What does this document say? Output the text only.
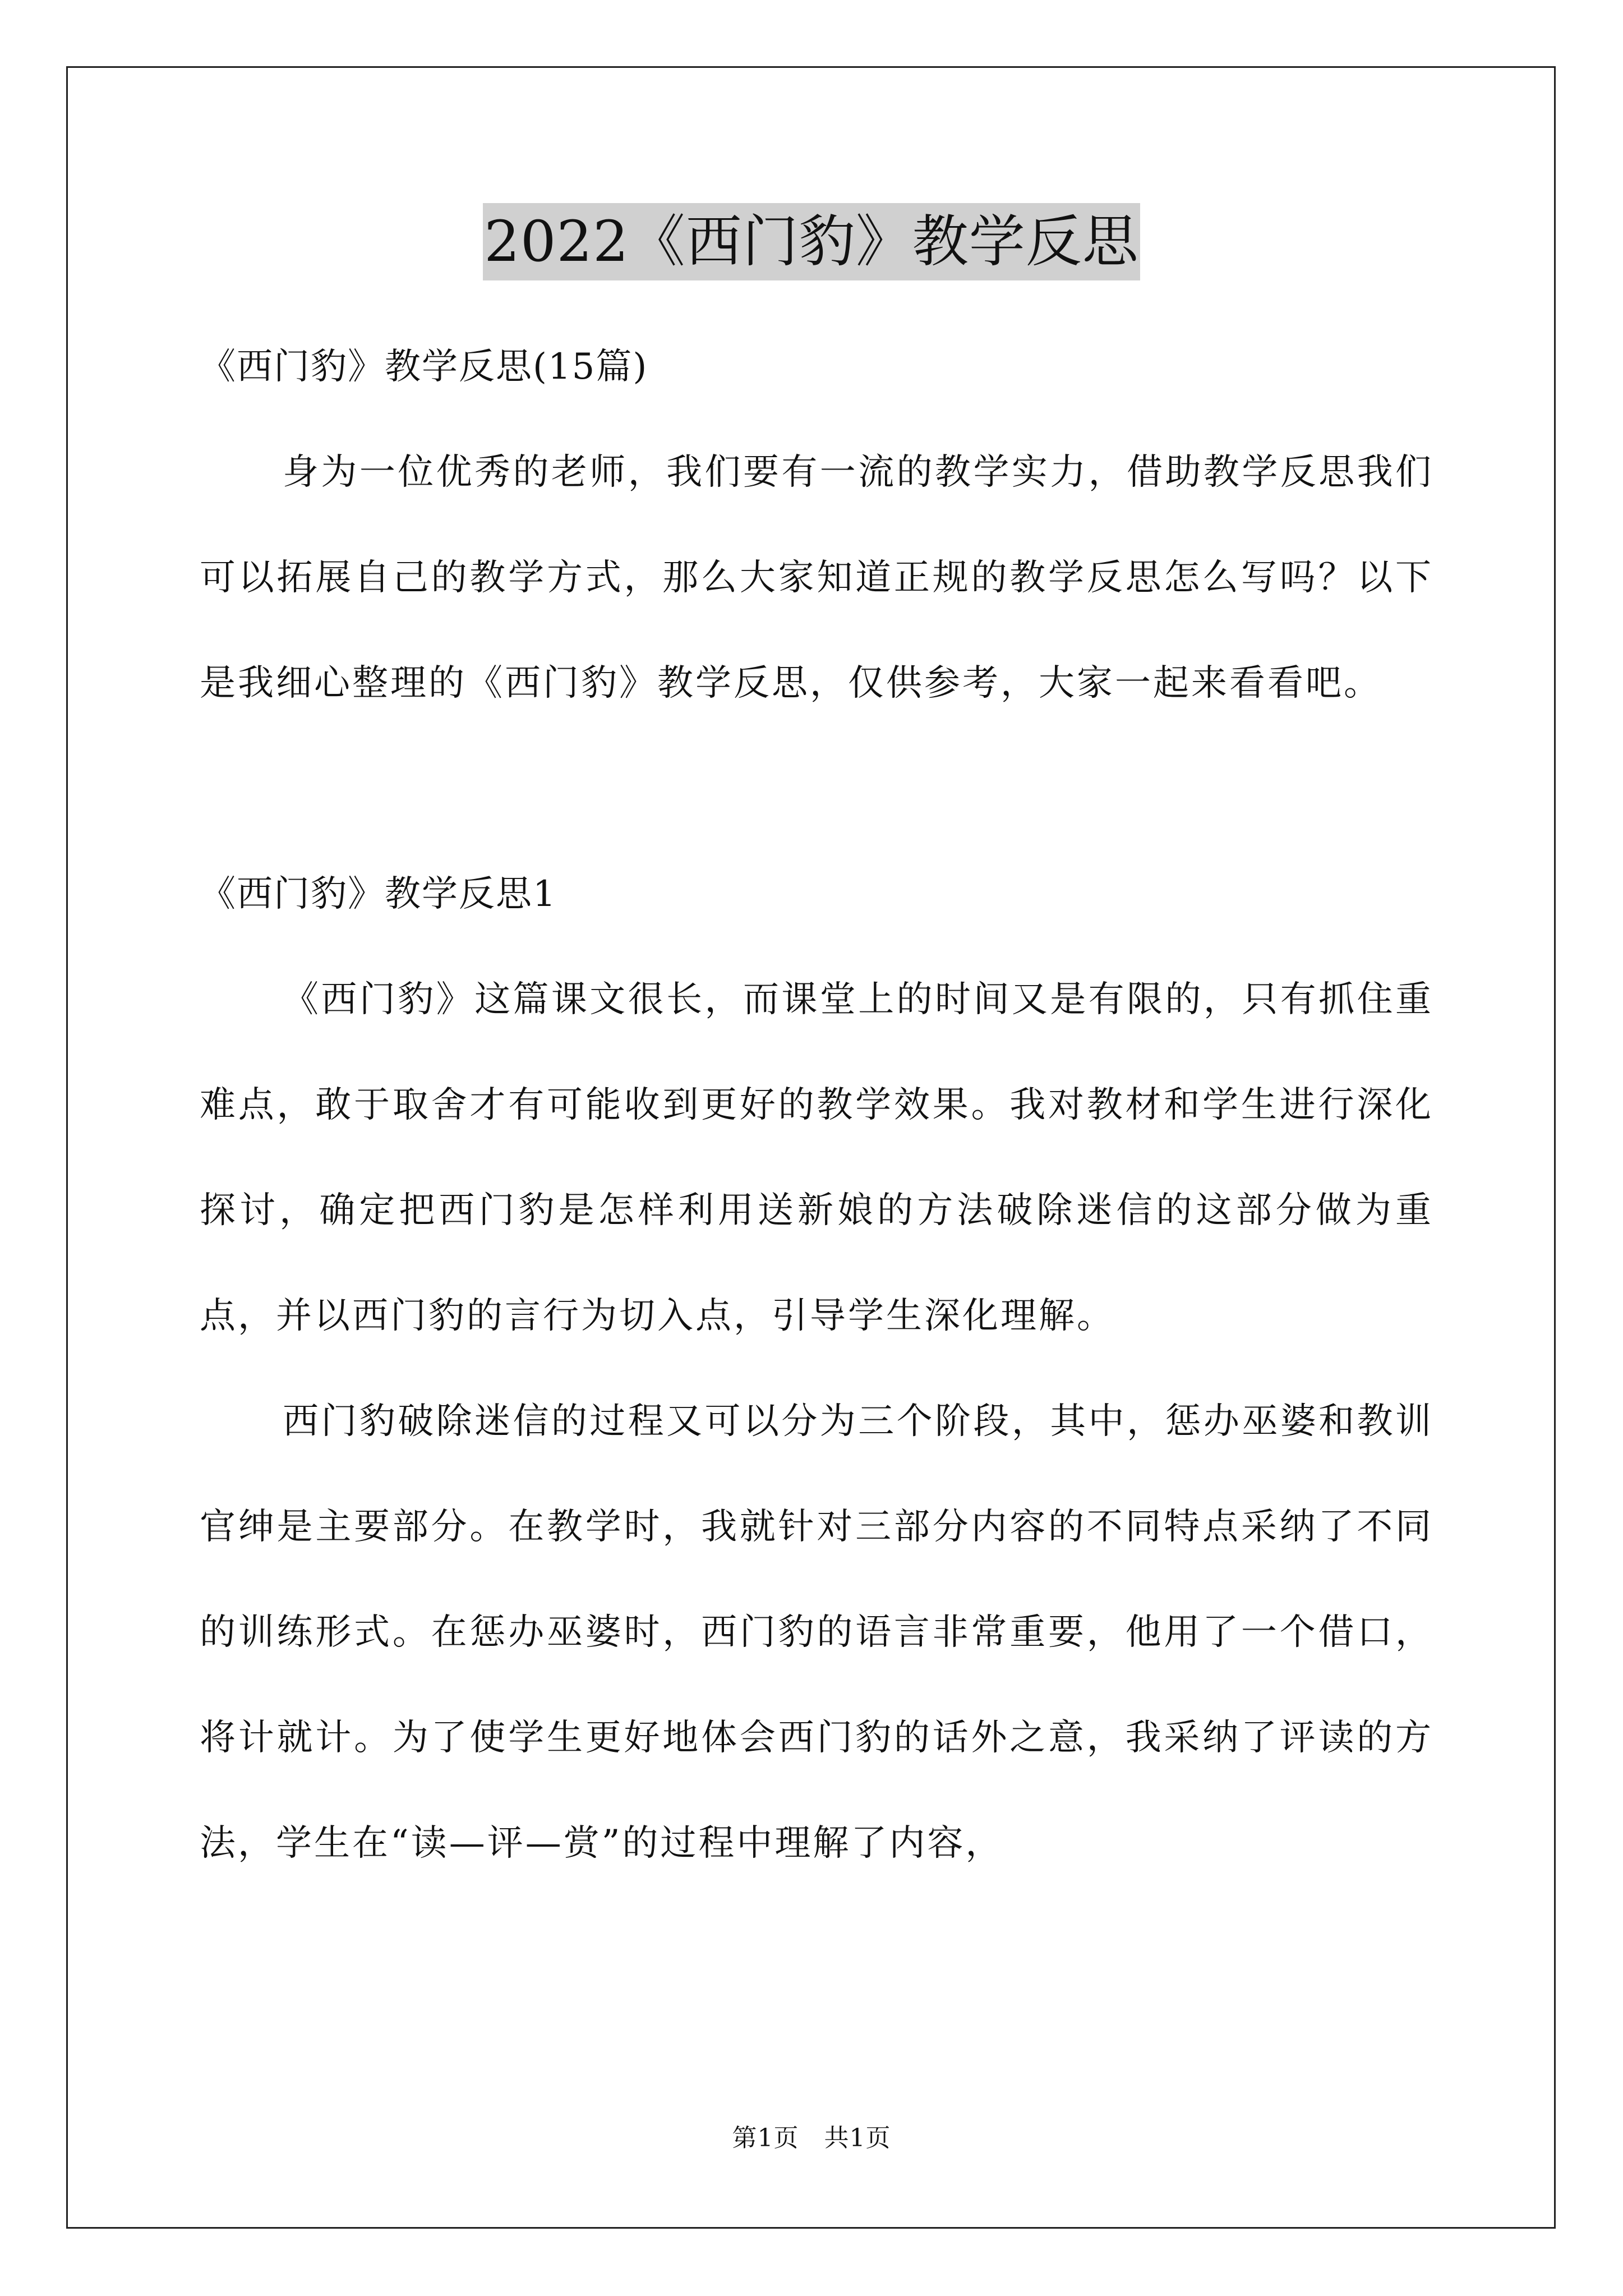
2022《西门豹》教学反思

《西门豹》教学反思(15篇)

身为一位优秀的老师，我们要有一流的教学实力，借助教学反思我们可以拓展自己的教学方式，那么大家知道正规的教学反思怎么写吗？以下是我细心整理的《西门豹》教学反思，仅供参考，大家一起来看看吧。

《西门豹》教学反思1

《西门豹》这篇课文很长，而课堂上的时间又是有限的，只有抓住重难点，敢于取舍才有可能收到更好的教学效果。我对教材和学生进行深化探讨，确定把西门豹是怎样利用送新娘的方法破除迷信的这部分做为重点，并以西门豹的言行为切入点，引导学生深化理解。

西门豹破除迷信的过程又可以分为三个阶段，其中，惩办巫婆和教训官绅是主要部分。在教学时，我就针对三部分内容的不同特点采纳了不同的训练形式。在惩办巫婆时，西门豹的语言非常重要，他用了一个借口，将计就计。为了使学生更好地体会西门豹的话外之意，我采纳了评读的方法，学生在“读—评—赏”的过程中理解了内容，

第1页　共1页
